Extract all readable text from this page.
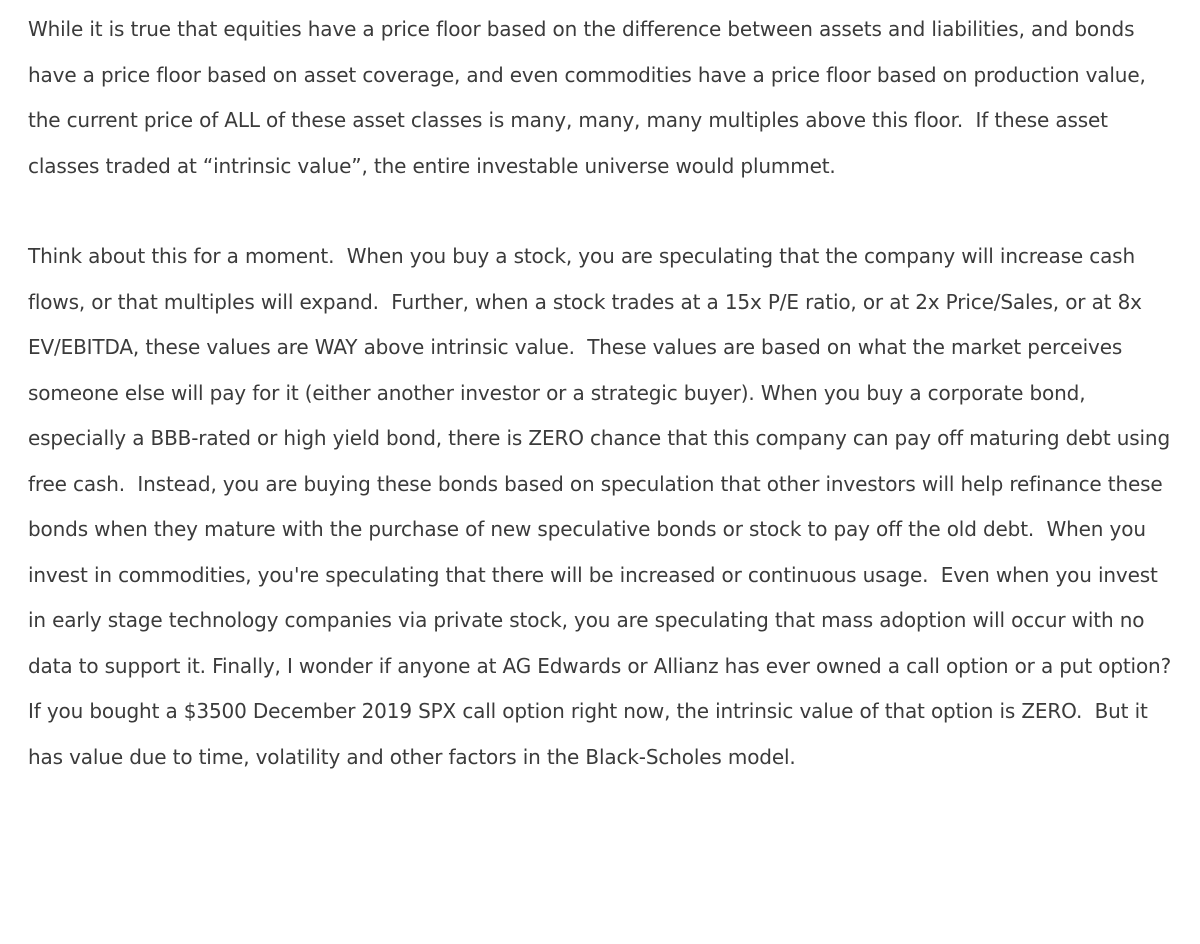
While it is true that equities have a price floor based on the difference between assets and liabilities, and bonds have a price floor based on asset coverage, and even commodities have a price floor based on production value, the current price of ALL of these asset classes is many, many, many multiples above this floor.  If these asset classes traded at “intrinsic value”, the entire investable universe would plummet.

Think about this for a moment.  When you buy a stock, you are speculating that the company will increase cash flows, or that multiples will expand.  Further, when a stock trades at a 15x P/E ratio, or at 2x Price/Sales, or at 8x EV/EBITDA, these values are WAY above intrinsic value.  These values are based on what the market perceives someone else will pay for it (either another investor or a strategic buyer). When you buy a corporate bond, especially a BBB-rated or high yield bond, there is ZERO chance that this company can pay off maturing debt using free cash.  Instead, you are buying these bonds based on speculation that other investors will help refinance these bonds when they mature with the purchase of new speculative bonds or stock to pay off the old debt.  When you invest in commodities, you're speculating that there will be increased or continuous usage.  Even when you invest in early stage technology companies via private stock, you are speculating that mass adoption will occur with no data to support it. Finally, I wonder if anyone at AG Edwards or Allianz has ever owned a call option or a put option? If you bought a $3500 December 2019 SPX call option right now, the intrinsic value of that option is ZERO.  But it has value due to time, volatility and other factors in the Black-Scholes model.
